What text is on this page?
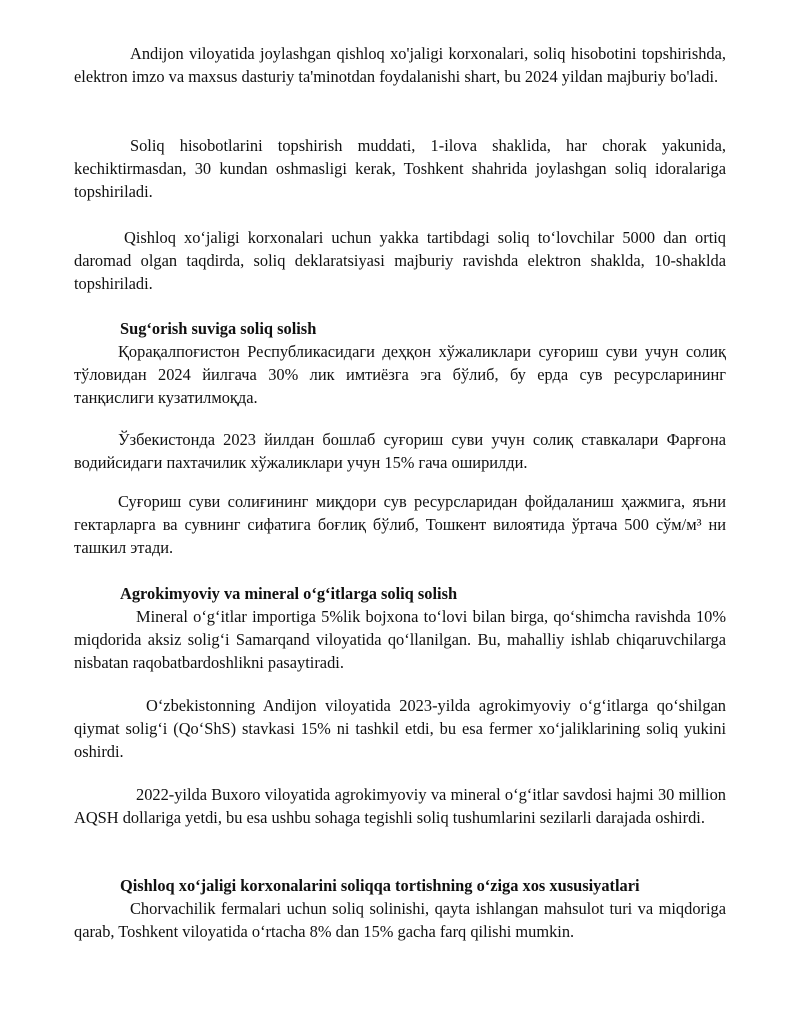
Andijon viloyatida joylashgan qishloq xo'jaligi korxonalari, soliq hisobotini topshirishda, elektron imzo va maxsus dasturiy ta'minotdan foydalanishi shart, bu 2024 yildan majburiy bo'ladi.

Soliq hisobotlarini topshirish muddati, 1-ilova shaklida, har chorak yakunida, kechiktirmasdan, 30 kundan oshmasligi kerak, Toshkent shahrida joylashgan soliq idoralariga topshiriladi.

Qishloq xo‘jaligi korxonalari uchun yakka tartibdagi soliq to‘lovchilar 5000 dan ortiq daromad olgan taqdirda, soliq deklaratsiyasi majburiy ravishda elektron shaklda, 10-shaklda topshiriladi.

Sug‘orish suviga soliq solish

Қорақалпоғистон Республикасидаги деҳқон хўжаликлари суғориш суви учун солиқ тўловидан 2024 йилгача 30% лик имтиёзга эга бўлиб, бу ерда сув ресурсларининг танқислиги кузатилмоқда.

Ўзбекистонда 2023 йилдан бошлаб суғориш суви учун солиқ ставкалари Фарғона водийсидаги пахтачилик хўжаликлари учун 15% гача оширилди.

Суғориш суви солиғининг миқдори сув ресурсларидан фойдаланиш ҳажмига, яъни гектарларга ва сувнинг сифатига боғлиқ бўлиб, Тошкент вилоятида ўртача 500 сўм/м³ ни ташкил этади.

Agrokimyoviy va mineral o‘g‘itlarga soliq solish

Mineral o‘g‘itlar importiga 5%lik bojxona to‘lovi bilan birga, qo‘shimcha ravishda 10% miqdorida aksiz solig‘i Samarqand viloyatida qo‘llanilgan. Bu, mahalliy ishlab chiqaruvchilarga nisbatan raqobatbardoshlikni pasaytiradi.

O‘zbekistonning Andijon viloyatida 2023-yilda agrokimyoviy o‘g‘itlarga qo‘shilgan qiymat solig‘i (Qo‘ShS) stavkasi 15% ni tashkil etdi, bu esa fermer xo‘jaliklarining soliq yukini oshirdi.

2022-yilda Buxoro viloyatida agrokimyoviy va mineral o‘g‘itlar savdosi hajmi 30 million AQSH dollariga yetdi, bu esa ushbu sohaga tegishli soliq tushumlarini sezilarli darajada oshirdi.

Qishloq xo‘jaligi korxonalarini soliqqa tortishning o‘ziga xos xususiyatlari

Chorvachilik fermalari uchun soliq solinishi, qayta ishlangan mahsulot turi va miqdoriga qarab, Toshkent viloyatida o‘rtacha 8% dan 15% gacha farq qilishi mumkin.
